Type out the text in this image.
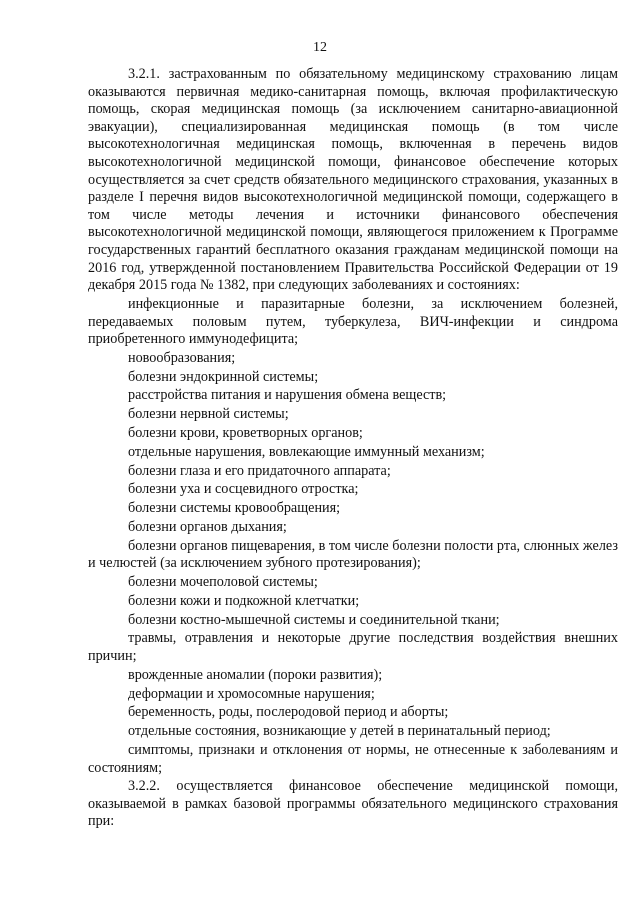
12

3.2.1. застрахованным по обязательному медицинскому страхованию лицам оказываются первичная медико-санитарная помощь, включая профилактическую помощь, скорая медицинская помощь (за исключением санитарно-авиационной эвакуации), специализированная медицинская помощь (в том числе высокотехнологичная медицинская помощь, включенная в перечень видов высокотехнологичной медицинской помощи, финансовое обеспечение которых осуществляется за счет средств обязательного медицинского страхования, указанных в разделе I перечня видов высокотехнологичной медицинской помощи, содержащего в том числе методы лечения и источники финансового обеспечения высокотехнологичной медицинской помощи, являющегося приложением к Программе государственных гарантий бесплатного оказания гражданам медицинской помощи на 2016 год, утвержденной постановлением Правительства Российской Федерации от 19 декабря 2015 года № 1382, при следующих заболеваниях и состояниях:

инфекционные и паразитарные болезни, за исключением болезней, передаваемых половым путем, туберкулеза, ВИЧ-инфекции и синдрома приобретенного иммунодефицита;

новообразования;

болезни эндокринной системы;

расстройства питания и нарушения обмена веществ;

болезни нервной системы;

болезни крови, кроветворных органов;

отдельные нарушения, вовлекающие иммунный механизм;

болезни глаза и его придаточного аппарата;

болезни уха и сосцевидного отростка;

болезни системы кровообращения;

болезни органов дыхания;

болезни органов пищеварения, в том числе болезни полости рта, слюнных желез и челюстей (за исключением зубного протезирования);

болезни мочеполовой системы;

болезни кожи и подкожной клетчатки;

болезни костно-мышечной системы и соединительной ткани;

травмы, отравления и некоторые другие последствия воздействия внешних причин;

врожденные аномалии (пороки развития);

деформации и хромосомные нарушения;

беременность, роды, послеродовой период и аборты;

отдельные состояния, возникающие у детей в перинатальный период;

симптомы, признаки и отклонения от нормы, не отнесенные к заболеваниям и состояниям;

3.2.2. осуществляется финансовое обеспечение медицинской помощи, оказываемой в рамках базовой программы обязательного медицинского страхования при:
